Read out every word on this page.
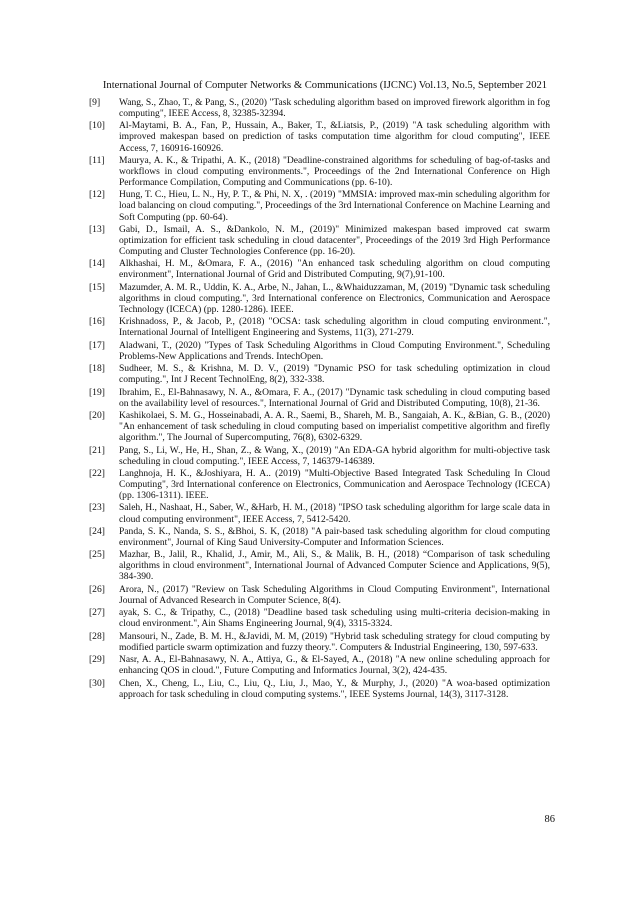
International Journal of Computer Networks & Communications (IJCNC) Vol.13, No.5, September 2021
[9] Wang, S., Zhao, T., & Pang, S., (2020) "Task scheduling algorithm based on improved firework algorithm in fog computing", IEEE Access, 8, 32385-32394.
[10] Al-Maytami, B. A., Fan, P., Hussain, A., Baker, T., &Liatsis, P., (2019) "A task scheduling algorithm with improved makespan based on prediction of tasks computation time algorithm for cloud computing", IEEE Access, 7, 160916-160926.
[11] Maurya, A. K., & Tripathi, A. K., (2018) "Deadline-constrained algorithms for scheduling of bag-of-tasks and workflows in cloud computing environments.", Proceedings of the 2nd International Conference on High Performance Compilation, Computing and Communications (pp. 6-10).
[12] Hung, T. C., Hieu, L. N., Hy, P. T., & Phi, N. X, . (2019) "MMSIA: improved max-min scheduling algorithm for load balancing on cloud computing.", Proceedings of the 3rd International Conference on Machine Learning and Soft Computing (pp. 60-64).
[13] Gabi, D., Ismail, A. S., &Dankolo, N. M., (2019)" Minimized makespan based improved cat swarm optimization for efficient task scheduling in cloud datacenter", Proceedings of the 2019 3rd High Performance Computing and Cluster Technologies Conference (pp. 16-20).
[14] Alkhashai, H. M., &Omara, F. A., (2016) "An enhanced task scheduling algorithm on cloud computing environment", International Journal of Grid and Distributed Computing, 9(7),91-100.
[15] Mazumder, A. M. R., Uddin, K. A., Arbe, N., Jahan, L., &Whaiduzzaman, M, (2019) "Dynamic task scheduling algorithms in cloud computing.", 3rd International conference on Electronics, Communication and Aerospace Technology (ICECA) (pp. 1280-1286). IEEE.
[16] Krishnadoss, P., & Jacob, P., (2018) "OCSA: task scheduling algorithm in cloud computing environment.", International Journal of Intelligent Engineering and Systems, 11(3), 271-279.
[17] Aladwani, T., (2020) "Types of Task Scheduling Algorithms in Cloud Computing Environment.", Scheduling Problems-New Applications and Trends. IntechOpen.
[18] Sudheer, M. S., & Krishna, M. D. V., (2019) "Dynamic PSO for task scheduling optimization in cloud computing.", Int J Recent TechnolEng, 8(2), 332-338.
[19] Ibrahim, E., El-Bahnasawy, N. A., &Omara, F. A., (2017) "Dynamic task scheduling in cloud computing based on the availability level of resources.", International Journal of Grid and Distributed Computing, 10(8), 21-36.
[20] Kashikolaei, S. M. G., Hosseinabadi, A. A. R., Saemi, B., Shareh, M. B., Sangaiah, A. K., &Bian, G. B., (2020) "An enhancement of task scheduling in cloud computing based on imperialist competitive algorithm and firefly algorithm.", The Journal of Supercomputing, 76(8), 6302-6329.
[21] Pang, S., Li, W., He, H., Shan, Z., & Wang, X., (2019) "An EDA-GA hybrid algorithm for multi-objective task scheduling in cloud computing.", IEEE Access, 7, 146379-146389.
[22] Langhnoja, H. K., &Joshiyara, H. A.. (2019) "Multi-Objective Based Integrated Task Scheduling In Cloud Computing", 3rd International conference on Electronics, Communication and Aerospace Technology (ICECA) (pp. 1306-1311). IEEE.
[23] Saleh, H., Nashaat, H., Saber, W., &Harb, H. M., (2018) "IPSO task scheduling algorithm for large scale data in cloud computing environment", IEEE Access, 7, 5412-5420.
[24] Panda, S. K., Nanda, S. S., &Bhoi, S. K, (2018) "A pair-based task scheduling algorithm for cloud computing environment", Journal of King Saud University-Computer and Information Sciences.
[25] Mazhar, B., Jalil, R., Khalid, J., Amir, M., Ali, S., & Malik, B. H., (2018) “Comparison of task scheduling algorithms in cloud environment", International Journal of Advanced Computer Science and Applications, 9(5), 384-390.
[26] Arora, N., (2017) "Review on Task Scheduling Algorithms in Cloud Computing Environment", International Journal of Advanced Research in Computer Science, 8(4).
[27] ayak, S. C., & Tripathy, C., (2018) "Deadline based task scheduling using multi-criteria decision-making in cloud environment.", Ain Shams Engineering Journal, 9(4), 3315-3324.
[28] Mansouri, N., Zade, B. M. H., &Javidi, M. M, (2019) "Hybrid task scheduling strategy for cloud computing by modified particle swarm optimization and fuzzy theory.". Computers & Industrial Engineering, 130, 597-633.
[29] Nasr, A. A., El-Bahnasawy, N. A., Attiya, G., & El-Sayed, A., (2018) "A new online scheduling approach for enhancing QOS in cloud.", Future Computing and Informatics Journal, 3(2), 424-435.
[30] Chen, X., Cheng, L., Liu, C., Liu, Q., Liu, J., Mao, Y., & Murphy, J., (2020) "A woa-based optimization approach for task scheduling in cloud computing systems.", IEEE Systems Journal, 14(3), 3117-3128.
86
